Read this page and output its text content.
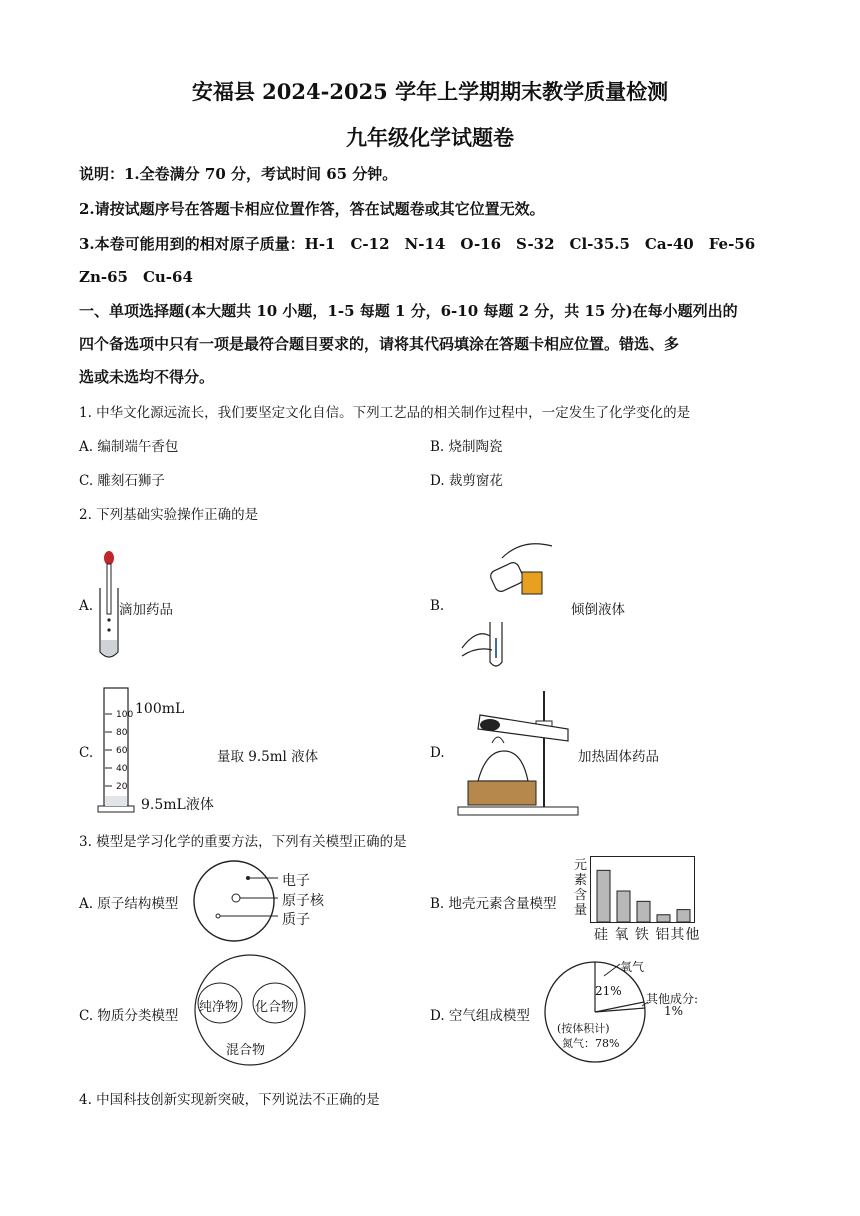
安福县 2024-2025 学年上学期期末教学质量检测
九年级化学试题卷
说明：1.全卷满分 70 分，考试时间 65 分钟。
2.请按试题序号在答题卡相应位置作答，答在试题卷或其它位置无效。
3.本卷可能用到的相对原子质量：H-1　C-12　N-14　O-16　S-32　Cl-35.5　Ca-40　Fe-56
Zn-65　Cu-64
一、单项选择题(本大题共 10 小题，1-5 每题 1 分，6-10 每题 2 分，共 15 分)在每小题列出的
四个备选项中只有一项是最符合题目要求的，请将其代码填涂在答题卡相应位置。错选、多
选或未选均不得分。
1. 中华文化源远流长，我们要坚定文化自信。下列工艺品的相关制作过程中，一定发生了化学变化的是
A. 编制端午香包	B. 烧制陶瓷
C. 雕刻石狮子	D. 裁剪窗花
2. 下列基础实验操作正确的是
A. 滴加药品	B.	倾倒液体
C.
100
80
60
40
20
100mL
9.5mL液体
量取 9.5ml 液体	D.	加热固体药品
3. 模型是学习化学的重要方法，下列有关模型正确的是
A. 原子结构模型
电子
原子核
质子
B. 地壳元素含量模型
元素含量
硅 氧 铁 铝其他
C. 物质分类模型
纯净物 化合物
混合物
D. 空气组成模型
氧气
21%
其他成分:
1%
(按体积计)
氮气：78%
4. 中国科技创新实现新突破，下列说法不正确的是
